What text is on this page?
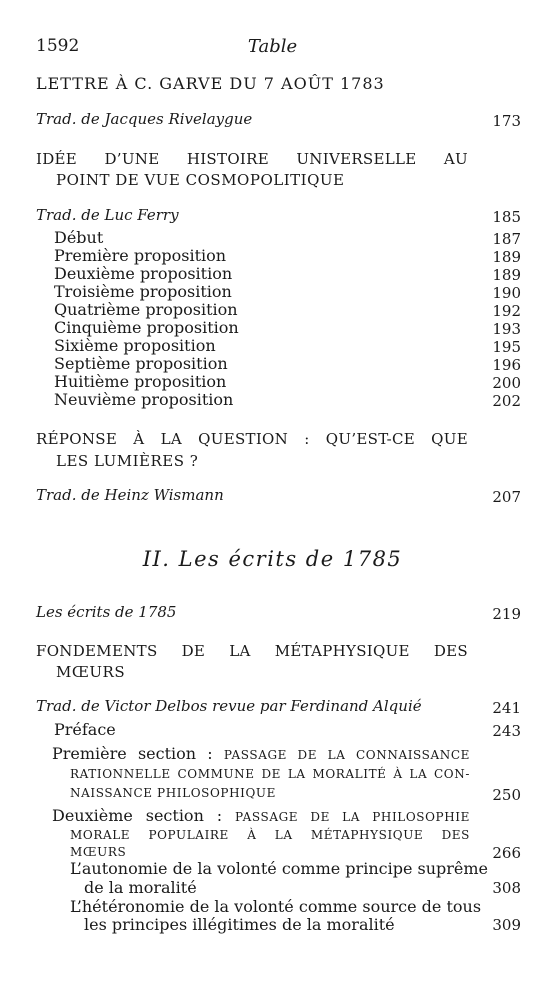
1592	Table
LETTRE À C. GARVE DU 7 AOÛT 1783
Trad. de Jacques Rivelaygue	173
IDÉE D’UNE HISTOIRE UNIVERSELLE AU
POINT DE VUE COSMOPOLITIQUE
Trad. de Luc Ferry	185
Début	187
Première proposition	189
Deuxième proposition	189
Troisième proposition	190
Quatrième proposition	192
Cinquième proposition	193
Sixième proposition	195
Septième proposition	196
Huitième proposition	200
Neuvième proposition	202
RÉPONSE À LA QUESTION : QU’EST-CE QUE
LES LUMIÈRES ?
Trad. de Heinz Wismann	207
II. Les écrits de 1785
Les écrits de 1785	219
FONDEMENTS DE LA MÉTAPHYSIQUE DES
MŒURS
Trad. de Victor Delbos revue par Ferdinand Alquié	241
Préface	243
Première section : PASSAGE DE LA CONNAISSANCE
RATIONNELLE COMMUNE DE LA MORALITÉ À LA CON-
NAISSANCE PHILOSOPHIQUE	250
Deuxième section : PASSAGE DE LA PHILOSOPHIE
MORALE POPULAIRE À LA MÉTAPHYSIQUE DES
MŒURS	266
L’autonomie de la volonté comme principe suprême
de la moralité	308
L’hétéronomie de la volonté comme source de tous
les principes illégitimes de la moralité	309
